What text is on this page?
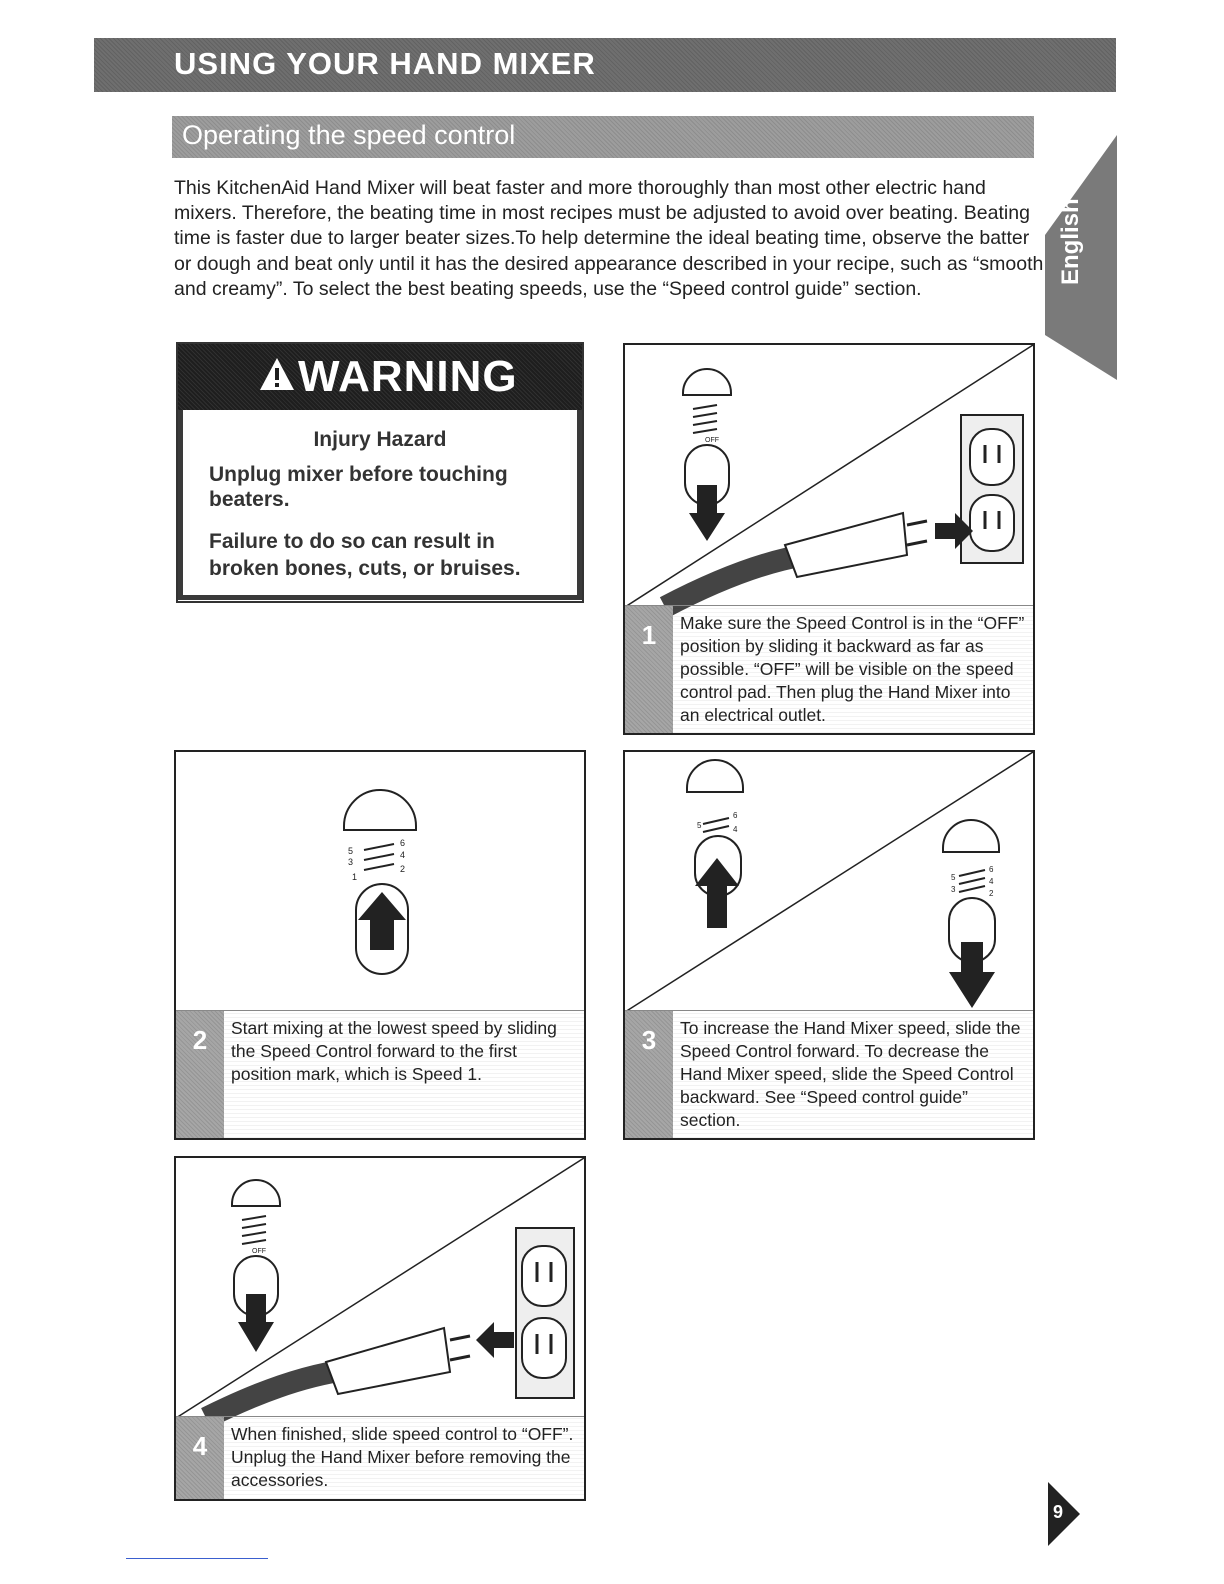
USING YOUR HAND MIXER
Operating the speed control
English
This KitchenAid Hand Mixer will beat faster and more thoroughly than most other electric hand mixers. Therefore, the beating time in most recipes must be adjusted to avoid over beating. Beating time is faster due to larger beater sizes.To help determine the ideal beating time, observe the batter or dough and beat only until it has the desired appearance described in your recipe, such as “smooth and creamy”. To select the best beating speeds, use the “Speed control guide” section.
WARNING
Injury Hazard
Unplug mixer before touching beaters.
Failure to do so can result in broken bones, cuts, or bruises.
OFF
1	Make sure the Speed Control is in the “OFF” position by sliding it backward as far as possible. “OFF” will be visible on the speed control pad. Then plug the Hand Mixer into an electrical outlet.
5
3
1
6
4
2
2	Start mixing at the lowest speed by sliding the Speed Control forward to the first position mark, which is Speed 1.
5
6
4
5
3
6
4
2
3	To increase the Hand Mixer speed, slide the Speed Control forward. To decrease the Hand Mixer speed, slide the Speed Control backward. See “Speed control guide” section.
OFF
4	When finished, slide speed control to “OFF”. Unplug the Hand Mixer before removing the accessories.
9
